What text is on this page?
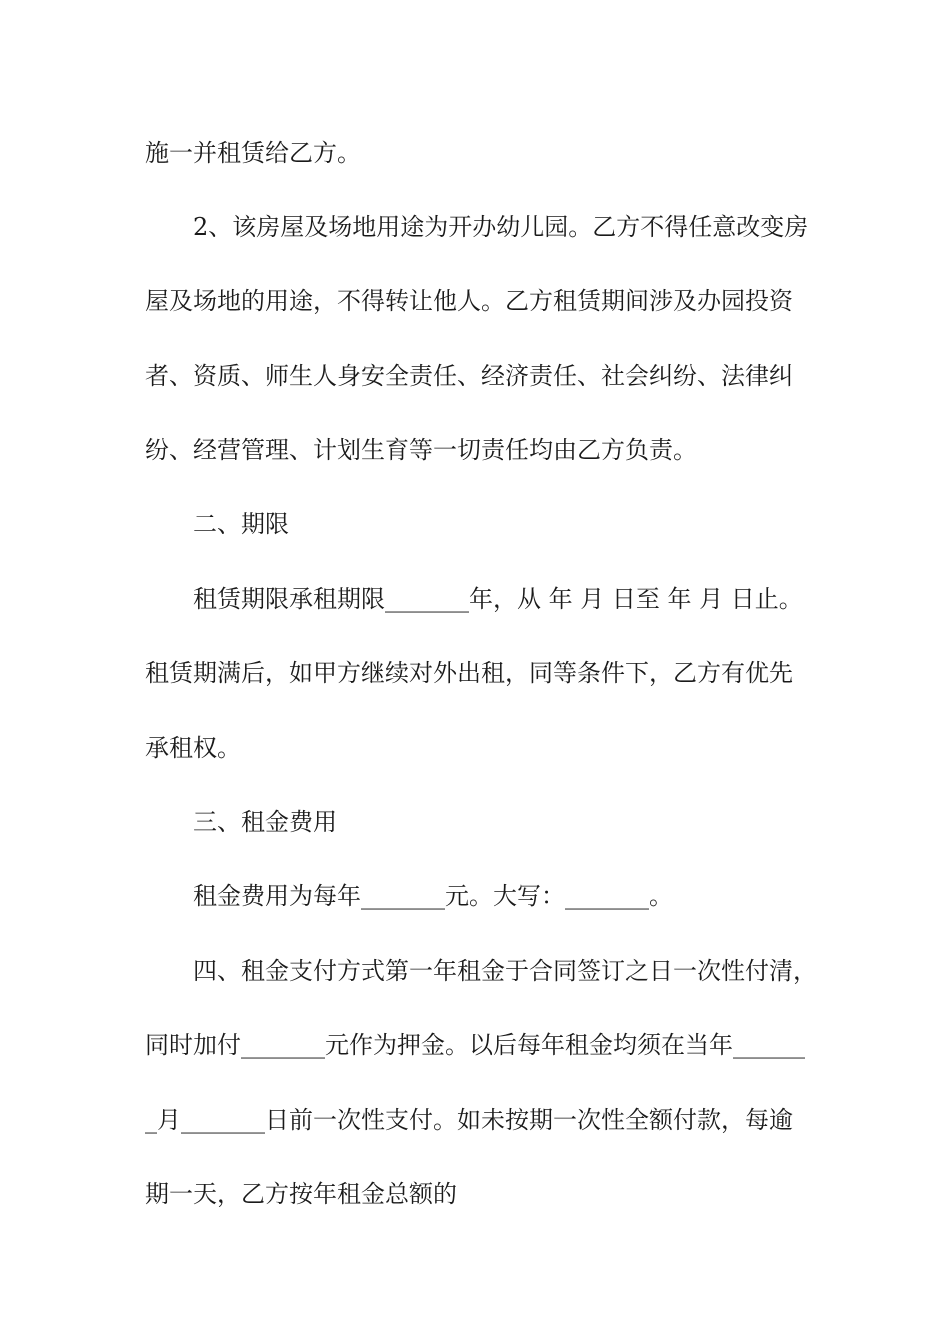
施一并租赁给乙方。
2、该房屋及场地用途为开办幼儿园。乙方不得任意改变房
屋及场地的用途，不得转让他人。乙方租赁期间涉及办园投资
者、资质、师生人身安全责任、经济责任、社会纠纷、法律纠
纷、经营管理、计划生育等一切责任均由乙方负责。
二、期限
租赁期限承租期限_______年，从 年 月 日至 年 月 日止。
租赁期满后，如甲方继续对外出租，同等条件下，乙方有优先
承租权。
三、租金费用
租金费用为每年_______元。大写：_______。
四、租金支付方式第一年租金于合同签订之日一次性付清，
同时加付_______元作为押金。以后每年租金均须在当年______
_月_______日前一次性支付。如未按期一次性全额付款，每逾
期一天，乙方按年租金总额的
